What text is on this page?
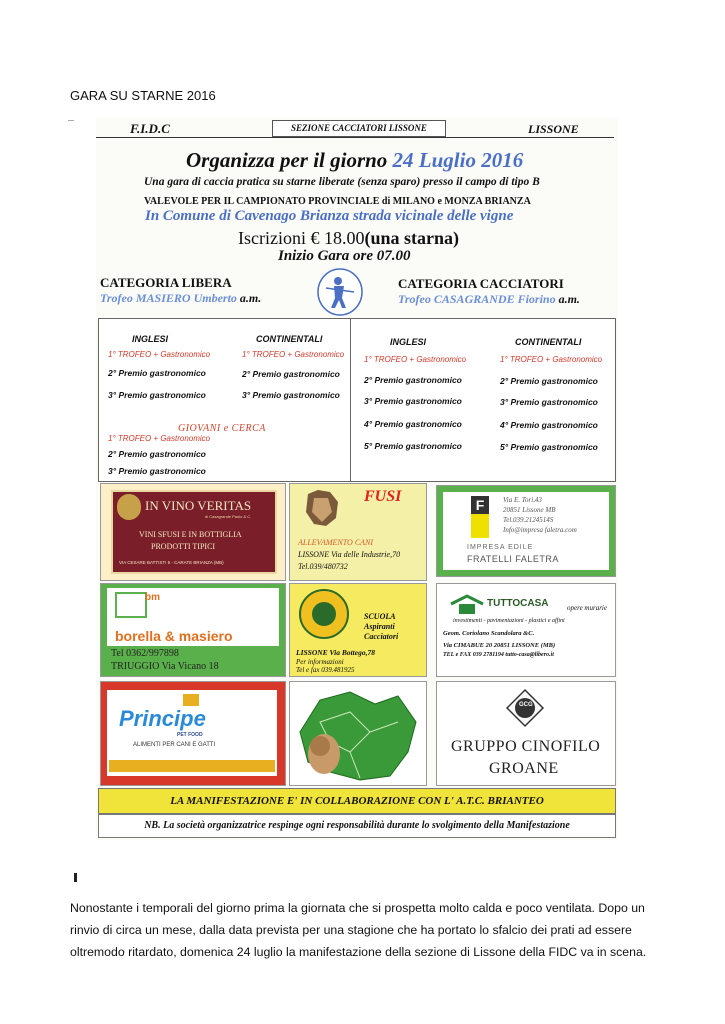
GARA SU STARNE 2016
F.I.D.C	SEZIONE CACCIATORI LISSONE	LISSONE
Organizza per il giorno 24 Luglio 2016
Una gara di caccia pratica su starne liberate (senza sparo) presso il campo di tipo B
VALEVOLE PER IL CAMPIONATO PROVINCIALE di MILANO e MONZA BRIANZA
In Comune di Cavenago Brianza strada vicinale delle vigne
Iscrizioni € 18.00(una starna)
Inizio Gara ore 07.00
CATEGORIA LIBERA
Trofeo MASIERO Umberto a.m.
CATEGORIA CACCIATORI
Trofeo CASAGRANDE Fiorino a.m.
INGLESI	CONTINENTALI
1° TROFEO + Gastronomico	1° TROFEO + Gastronomico
2° Premio gastronomico	2° Premio gastronomico
3° Premio gastronomico	3° Premio gastronomico
GIOVANI e CERCA
1° TROFEO + Gastronomico
2° Premio gastronomico
3° Premio gastronomico
INGLESI	CONTINENTALI
1° TROFEO + Gastronomico	1° TROFEO + Gastronomico
2° Premio gastronomico	2° Premio gastronomico
3° Premio gastronomico	3° Premio gastronomico
4° Premio gastronomico	4° Premio gastronomico
5° Premio gastronomico	5° Premio gastronomico
IN VINO VERITAS
di Casagrande Paolo & C.
VINI SFUSI E IN BOTTIGLIA
PRODOTTI TIPICI
VIA CESARE BATTISTI 5 - CARATE BRIANZA (MB)
FUSI
ALLEVAMENTO CANI
LISSONE Via delle Industrie,70
Tel.039/480732
F	Via E. Tori,43
20851 Lissone MB
Tel.039.2124514S
Info@impresa faletra.com
IMPRESA EDILE
FRATELLI FALETRA
bm
borella & masiero
Tel 0362/997898
TRIUGGIO Via Vicano 18
SCUOLA
Aspiranti
Cacciatori
LISSONE Via Bottego,78
Per informazioni
Tel e fax 039.481925
TUTTOCASA	opere murarie
investimenti - pavimentazioni - plastici e affini
Geom. Coriolano Scandolara &C.
Via CIMABUE 20 20851 LISSONE (MB)
TEL e FAX 039 2781194 tutto-casa@libero.it
Principe
PET FOOD
ALIMENTI PER CANI E GATTI
GCG
GRUPPO CINOFILO
GROANE
LA MANIFESTAZIONE E' IN COLLABORAZIONE CON L' A.T.C. BRIANTEO
NB. La società organizzatrice respinge ogni responsabilità durante lo svolgimento della Manifestazione
Nonostante i temporali del giorno prima la giornata che si prospetta molto calda e poco ventilata. Dopo un rinvio di circa un mese, dalla data prevista per una stagione che ha portato lo sfalcio dei prati ad essere oltremodo ritardato, domenica 24 luglio la manifestazione della sezione di Lissone della FIDC va in scena.
